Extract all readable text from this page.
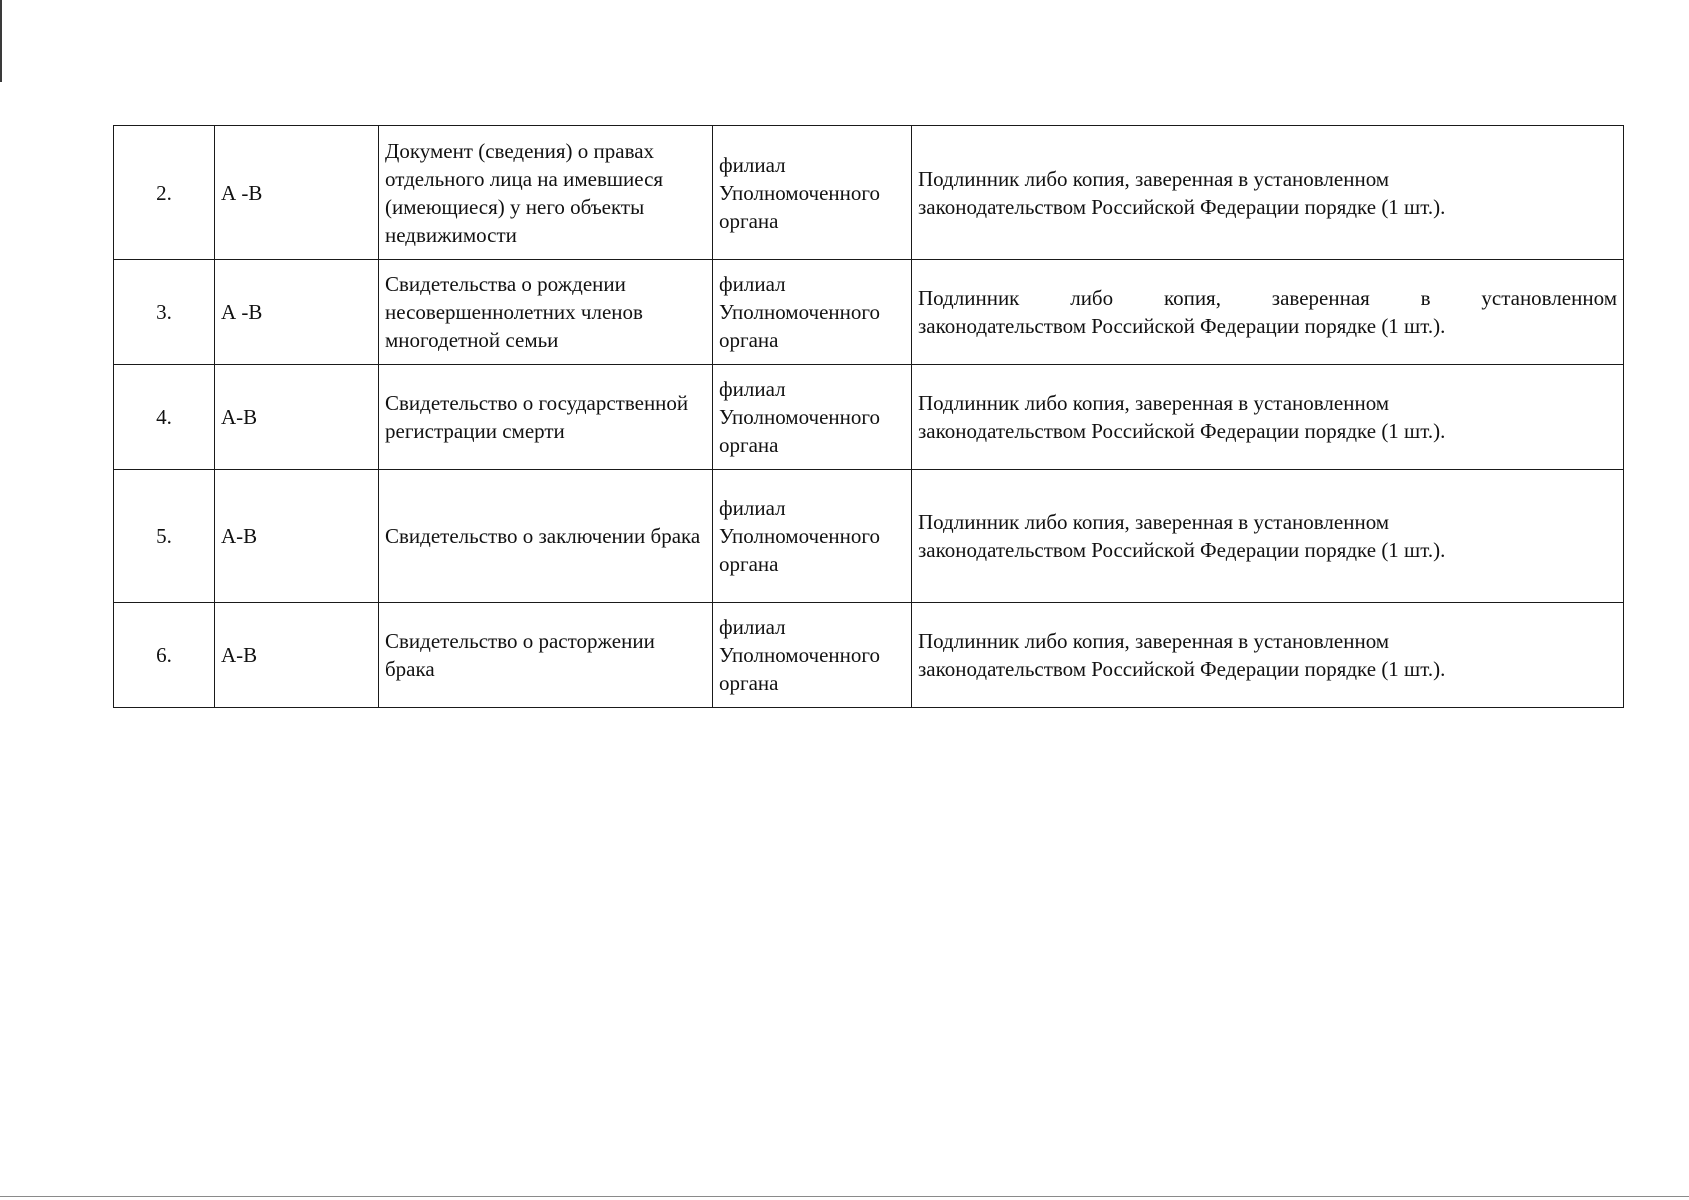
2.	А -В	Документ (сведения) о правах отдельного лица на имевшиеся (имеющиеся) у него объекты недвижимости	филиал Уполномоченного органа	Подлинник либо копия, заверенная в установленном
законодательством Российской Федерации порядке (1 шт.).

3.	А -В	Свидетельства о рождении несовершеннолетних членов многодетной семьи	филиал Уполномоченного органа	Подлинник либо копия, заверенная в установленном
законодательством Российской Федерации порядке (1 шт.).

4.	А-В	Свидетельство о государственной регистрации смерти	филиал Уполномоченного органа	Подлинник либо копия, заверенная в установленном
законодательством Российской Федерации порядке (1 шт.).

5.	А-В	Свидетельство о заключении брака	филиал Уполномоченного органа	Подлинник либо копия, заверенная в установленном
законодательством Российской Федерации порядке (1 шт.).

6.	А-В	Свидетельство о расторжении брака	филиал Уполномоченного органа	Подлинник либо копия, заверенная в установленном
законодательством Российской Федерации порядке (1 шт.).
